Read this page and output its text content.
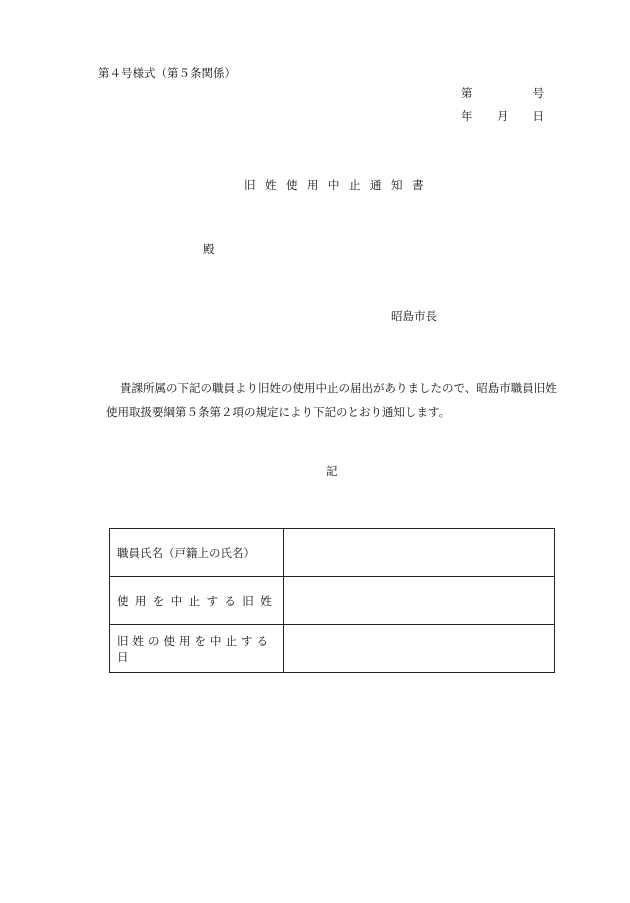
第４号様式（第５条関係）
第	号
年 月 日
旧姓使用中止通知書
殿
昭島市長
貴課所属の下記の職員より旧姓の使用中止の届出がありましたので、昭島市職員旧姓
使用取扱要綱第５条第２項の規定により下記のとおり通知します。
記
職員氏名（戸籍上の氏名）	
使用を中止する旧姓	
旧姓の使用を中止する日	
